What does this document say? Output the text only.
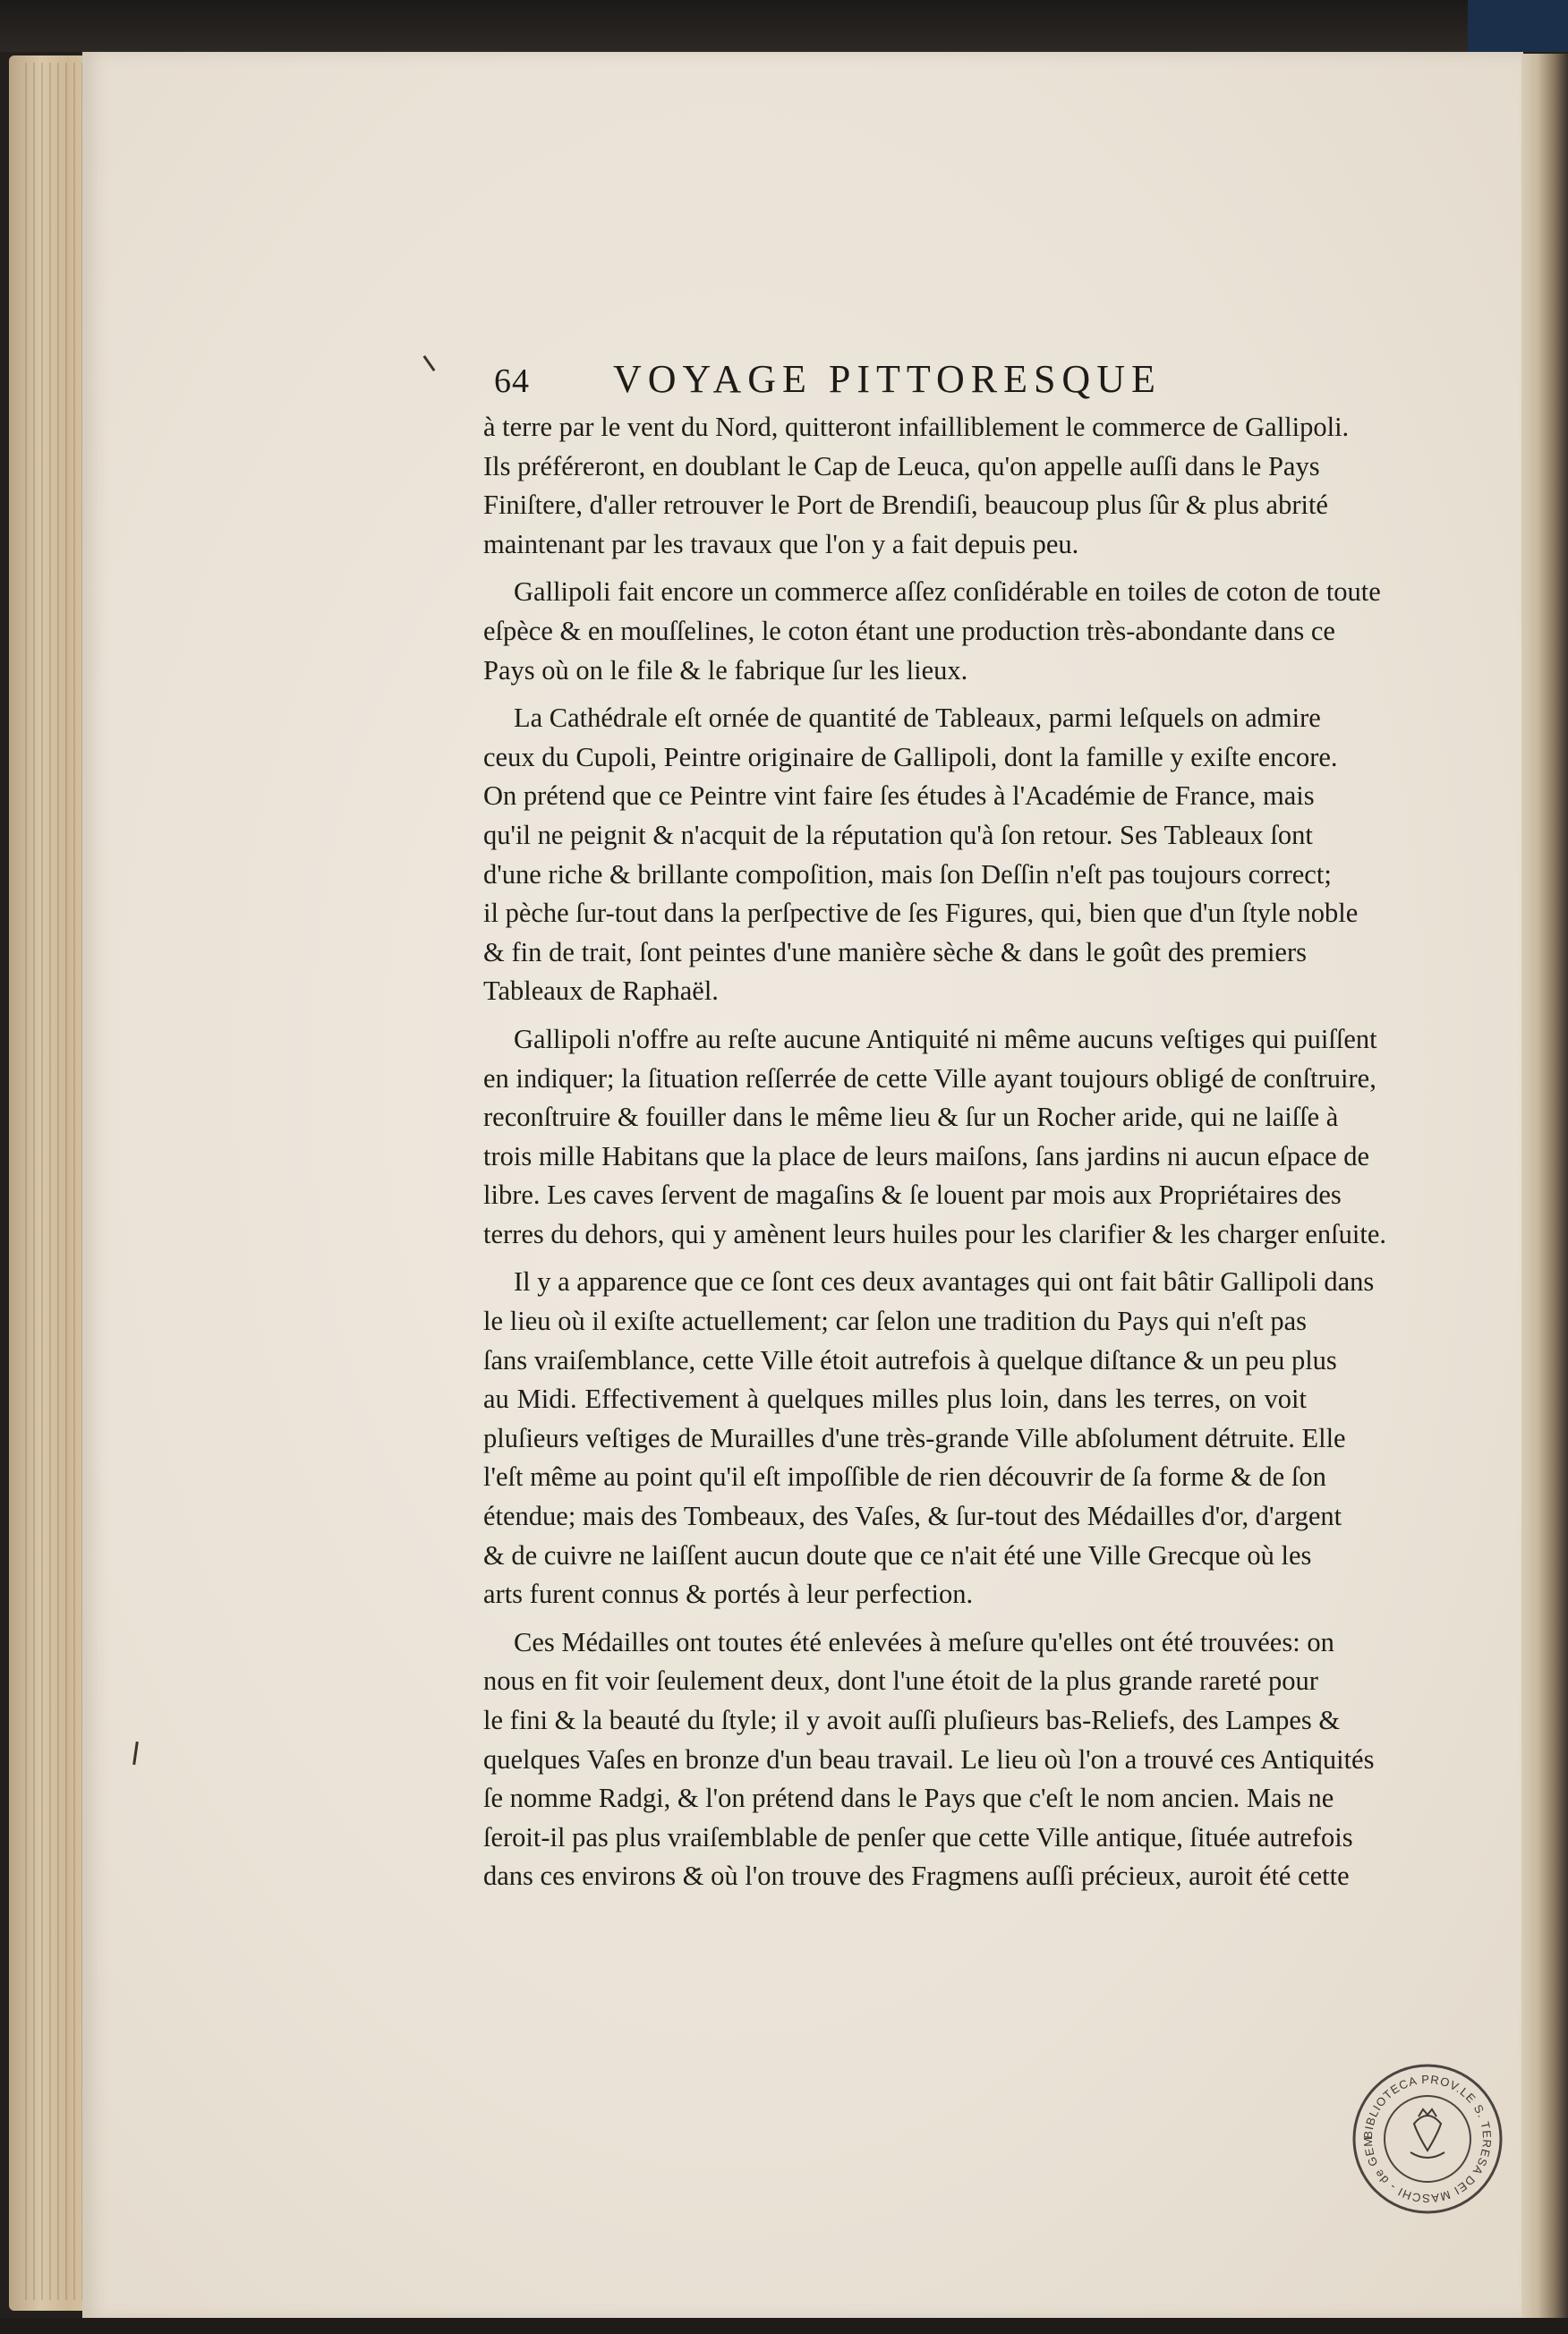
64 VOYAGE PITTORESQUE
à terre par le vent du Nord, quitteront infailliblement le commerce de Gallipoli.
Ils préféreront, en doublant le Cap de Leuca, qu'on appelle auſſi dans le Pays
Finiſtere, d'aller retrouver le Port de Brendiſi, beaucoup plus ſûr & plus abrité
maintenant par les travaux que l'on y a fait depuis peu.
Gallipoli fait encore un commerce aſſez conſidérable en toiles de coton de toute
eſpèce & en mouſſelines, le coton étant une production très-abondante dans ce
Pays où on le file & le fabrique ſur les lieux.
La Cathédrale eſt ornée de quantité de Tableaux, parmi leſquels on admire
ceux du Cupoli, Peintre originaire de Gallipoli, dont la famille y exiſte encore.
On prétend que ce Peintre vint faire ſes études à l'Académie de France, mais
qu'il ne peignit & n'acquit de la réputation qu'à ſon retour. Ses Tableaux ſont
d'une riche & brillante compoſition, mais ſon Deſſin n'eſt pas toujours correct;
il pèche ſur-tout dans la perſpective de ſes Figures, qui, bien que d'un ſtyle noble
& fin de trait, ſont peintes d'une manière sèche & dans le goût des premiers
Tableaux de Raphaël.
Gallipoli n'offre au reſte aucune Antiquité ni même aucuns veſtiges qui puiſſent
en indiquer; la ſituation reſſerrée de cette Ville ayant toujours obligé de conſtruire,
reconſtruire & fouiller dans le même lieu & ſur un Rocher aride, qui ne laiſſe à
trois mille Habitans que la place de leurs maiſons, ſans jardins ni aucun eſpace de
libre. Les caves ſervent de magaſins & ſe louent par mois aux Propriétaires des
terres du dehors, qui y amènent leurs huiles pour les clarifier & les charger enſuite.
Il y a apparence que ce ſont ces deux avantages qui ont fait bâtir Gallipoli dans
le lieu où il exiſte actuellement; car ſelon une tradition du Pays qui n'eſt pas
ſans vraiſemblance, cette Ville étoit autrefois à quelque diſtance & un peu plus
au Midi. Effectivement à quelques milles plus loin, dans les terres, on voit
pluſieurs veſtiges de Murailles d'une très-grande Ville abſolument détruite. Elle
l'eſt même au point qu'il eſt impoſſible de rien découvrir de ſa forme & de ſon
étendue; mais des Tombeaux, des Vaſes, & ſur-tout des Médailles d'or, d'argent
& de cuivre ne laiſſent aucun doute que ce n'ait été une Ville Grecque où les
arts furent connus & portés à leur perfection.
Ces Médailles ont toutes été enlevées à meſure qu'elles ont été trouvées: on
nous en fit voir ſeulement deux, dont l'une étoit de la plus grande rareté pour
le fini & la beauté du ſtyle; il y avoit auſſi pluſieurs bas-Reliefs, des Lampes &
quelques Vaſes en bronze d'un beau travail. Le lieu où l'on a trouvé ces Antiquités
ſe nomme Radgi, & l'on prétend dans le Pays que c'eſt le nom ancien. Mais ne
ſeroit-il pas plus vraiſemblable de penſer que cette Ville antique, ſituée autrefois
dans ces environs & où l'on trouve des Fragmens auſſi précieux, auroit été cette
BIBLIOTECA PROV.LE S. TERESA DEI MASCHI - de GEM
